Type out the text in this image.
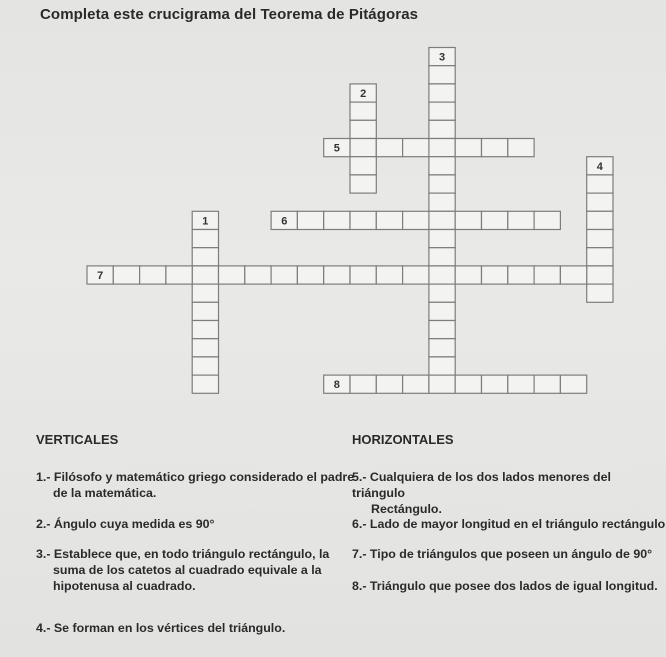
Completa este crucigrama del Teorema de Pitágoras
1
2
3
4
5
6
7
8
VERTICALES	HORIZONTALES
1.- Filósofo y matemático griego considerado el padre
de la matemática.
2.- Ángulo cuya medida es 90°
3.- Establece que, en todo triángulo rectángulo, la
suma de los catetos al cuadrado equivale a la
hipotenusa al cuadrado.
4.- Se forman en los vértices del triángulo.
5.- Cualquiera de los dos lados menores del triángulo
Rectángulo.
6.- Lado de mayor longitud en el triángulo rectángulo
7.- Tipo de triángulos que poseen un ángulo de 90°
8.- Triángulo que posee dos lados de igual longitud.
